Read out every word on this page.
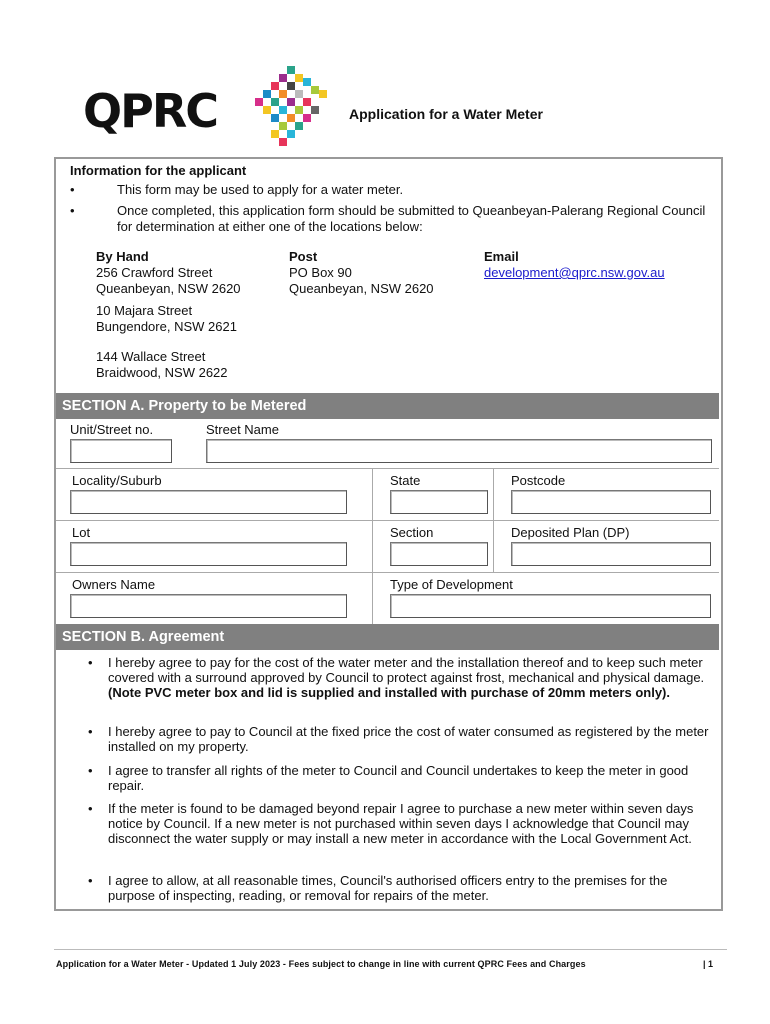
QPRC	Application for a Water Meter
Information for the applicant
•	This form may be used to apply for a water meter.
•	Once completed, this application form should be submitted to Queanbeyan-Palerang Regional Council for determination at either one of the locations below:
By Hand
256 Crawford Street
Queanbeyan, NSW 2620
10 Majara Street
Bungendore, NSW 2621
144 Wallace Street
Braidwood, NSW 2622
Post
PO Box 90
Queanbeyan, NSW 2620
Email
development@qprc.nsw.gov.au
SECTION A. Property to be Metered
Unit/Street no.	Street Name
Locality/Suburb	State	Postcode
Lot	Section	Deposited Plan (DP)
Owners Name	Type of Development
SECTION B. Agreement
• I hereby agree to pay for the cost of the water meter and the installation thereof and to keep such meter covered with a surround approved by Council to protect against frost, mechanical and physical damage. (Note PVC meter box and lid is supplied and installed with purchase of 20mm meters only).
• I hereby agree to pay to Council at the fixed price the cost of water consumed as registered by the meter installed on my property.
• I agree to transfer all rights of the meter to Council and Council undertakes to keep the meter in good repair.
• If the meter is found to be damaged beyond repair I agree to purchase a new meter within seven days notice by Council. If a new meter is not purchased within seven days I acknowledge that Council may disconnect the water supply or may install a new meter in accordance with the Local Government Act.
• I agree to allow, at all reasonable times, Council's authorised officers entry to the premises for the purpose of inspecting, reading, or removal for repairs of the meter.
Application for a Water Meter - Updated 1 July 2023 - Fees subject to change in line with current QPRC Fees and Charges	| 1
